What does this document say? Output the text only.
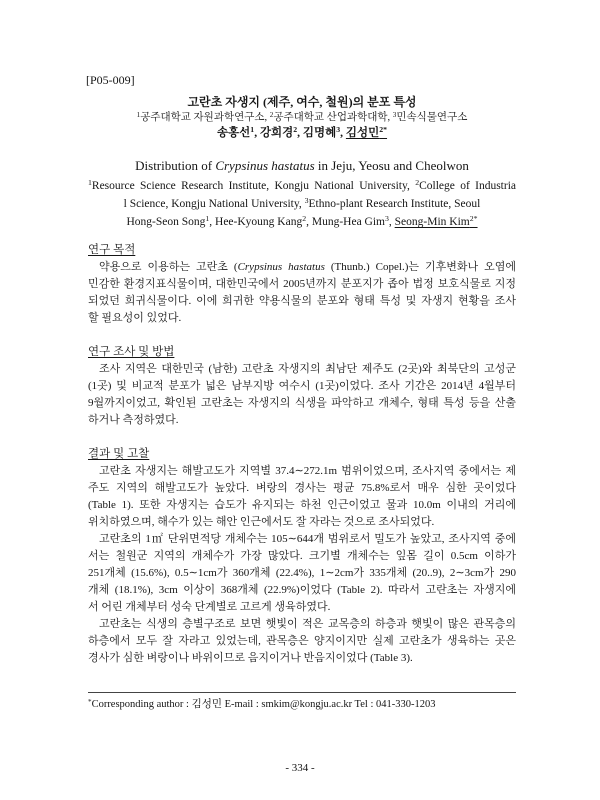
[P05-009]
고란초 자생지 (제주, 여수, 철원)의 분포 특성
$^1$공주대학교 자원과학연구소, $^2$공주대학교 산업과학대학, $^3$민속식물연구소
송홍선$^1$, 강희경$^2$, 김명혜$^3$, 김성민$^{2*}$
Distribution of Crypsinus hastatus in Jeju, Yeosu and Cheolwon
$^1$Resource Science Research Institute, Kongju National University, $^2$College of Industria
l Science, Kongju National University, $^3$Ethno-plant Research Institute, Seoul
Hong-Seon Song$^1$, Hee-Kyoung Kang$^2$, Mung-Hea Gim$^3$, Seong-Min Kim$^{2*}$
연구 목적
약용으로 이용하는 고란초 (Crypsinus hastatus (Thunb.) Copel.)는 기후변화나 오염에
민감한 환경지표식물이며, 대한민국에서 2005년까지 분포지가 좁아 법정 보호식물로 지정
되었던 희귀식물이다. 이에 희귀한 약용식물의 분포와 형태 특성 및 자생지 현황을 조사
할 필요성이 있었다.
연구 조사 및 방법
조사 지역은 대한민국 (남한) 고란초 자생지의 최남단 제주도 (2곳)와 최북단의 고성군
(1곳) 및 비교적 분포가 넓은 남부지방 여수시 (1곳)이었다. 조사 기간은 2014년 4월부터
9월까지이었고, 확인된 고란초는 자생지의 식생을 파악하고 개체수, 형태 특성 등을 산출
하거나 측정하였다.
결과 및 고찰
고란초 자생지는 해발고도가 지역별 37.4∼272.1m 범위이었으며, 조사지역 중에서는 제
주도 지역의 해발고도가 높았다. 벼랑의 경사는 평균 75.8%로서 매우 심한 곳이었다
(Table 1). 또한 자생지는 습도가 유지되는 하천 인근이었고 물과 10.0m 이내의 거리에
위치하였으며, 해수가 있는 해안 인근에서도 잘 자라는 것으로 조사되었다.
고란초의 1㎡ 단위면적당 개체수는 105∼644개 범위로서 밀도가 높았고, 조사지역 중에
서는 철원군 지역의 개체수가 가장 많았다. 크기별 개체수는 잎몸 길이 0.5cm 이하가
251개체 (15.6%), 0.5∼1cm가 360개체 (22.4%), 1∼2cm가 335개체 (20..9), 2∼3cm가 290
개체 (18.1%), 3cm 이상이 368개체 (22.9%)이었다 (Table 2). 따라서 고란초는 자생지에
서 어린 개체부터 성숙 단계별로 고르게 생육하였다.
고란초는 식생의 층별구조로 보면 햇빛이 적은 교목층의 하층과 햇빛이 많은 관목층의
하층에서 모두 잘 자라고 있었는데, 관목층은 양지이지만 실제 고란초가 생육하는 곳은
경사가 심한 벼랑이나 바위이므로 음지이거나 반음지이었다 (Table 3).
*Corresponding author : 김성민 E-mail : smkim@kongju.ac.kr Tel : 041-330-1203
- 334 -
